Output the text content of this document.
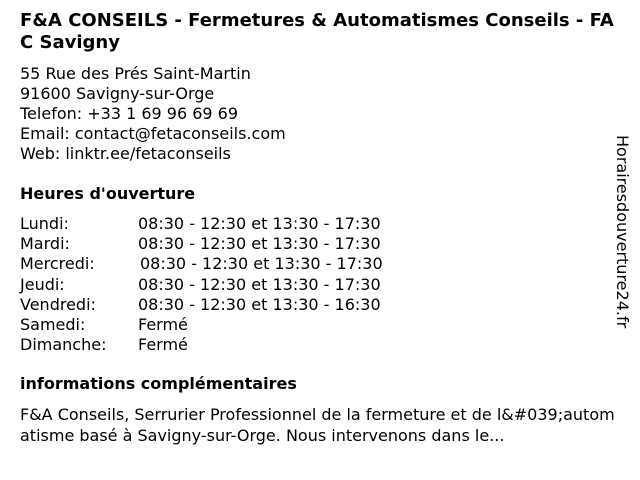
F&A CONSEILS - Fermetures & Automatismes Conseils - FAC Savigny
55 Rue des Prés Saint-Martin
91600 Savigny-sur-Orge
Telefon: +33 1 69 96 69 69
Email: contact@fetaconseils.com
Web: linktr.ee/fetaconseils
Heures d'ouverture
Lundi:	08:30 - 12:30 et 13:30 - 17:30
Mardi:	08:30 - 12:30 et 13:30 - 17:30
Mercredi:	08:30 - 12:30 et 13:30 - 17:30
Jeudi:	08:30 - 12:30 et 13:30 - 17:30
Vendredi:	08:30 - 12:30 et 13:30 - 16:30
Samedi:	Fermé
Dimanche: Fermé
informations complémentaires
F&A Conseils, Serrurier Professionnel de la fermeture et de l&#039;automatisme basé à Savigny-sur-Orge. Nous intervenons dans le...
Horairesdouverture24.fr
